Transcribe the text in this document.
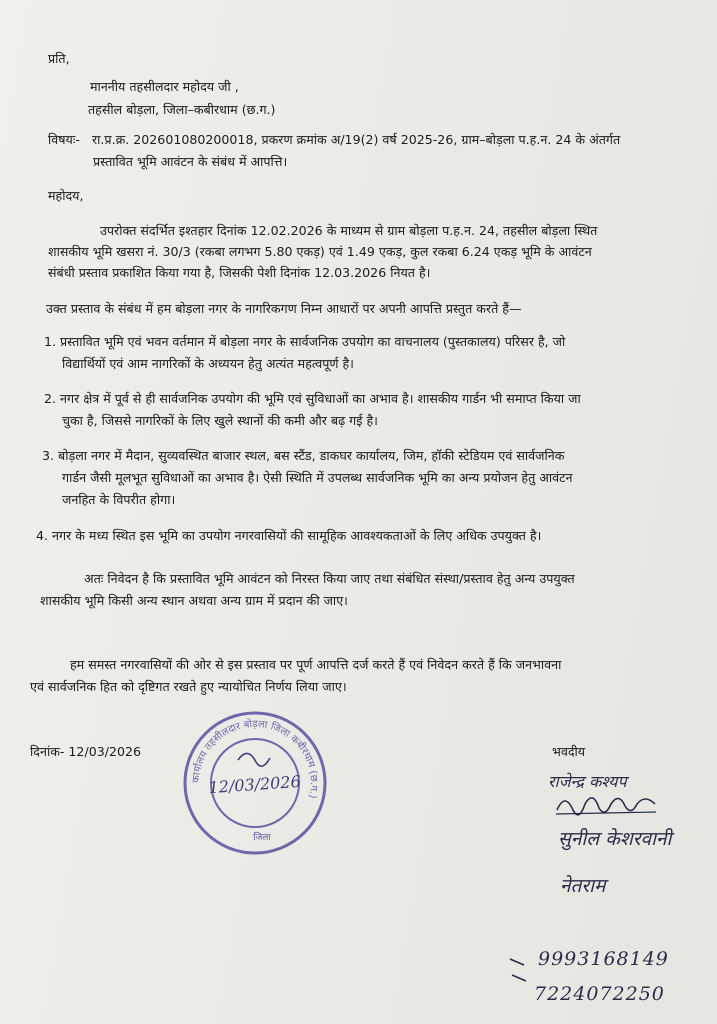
प्रति,
माननीय तहसीलदार महोदय जी ,
तहसील बोड़ला, जिला–कबीरधाम (छ.ग.)
विषयः- रा.प्र.क्र. 202601080200018, प्रकरण क्रमांक अ/19(2) वर्ष 2025-26, ग्राम–बोड़ला प.ह.न. 24 के अंतर्गत
प्रस्तावित भूमि आवंटन के संबंध में आपत्ति।
महोदय,
उपरोक्त संदर्भित इश्तहार दिनांक 12.02.2026 के माध्यम से ग्राम बोड़ला प.ह.न. 24, तहसील बोड़ला स्थित
शासकीय भूमि खसरा नं. 30/3 (रकबा लगभग 5.80 एकड़) एवं 1.49 एकड़, कुल रकबा 6.24 एकड़ भूमि के आवंटन
संबंधी प्रस्ताव प्रकाशित किया गया है, जिसकी पेशी दिनांक 12.03.2026 नियत है।
उक्त प्रस्ताव के संबंध में हम बोड़ला नगर के नागरिकगण निम्न आधारों पर अपनी आपत्ति प्रस्तुत करते हैं—
1. प्रस्तावित भूमि एवं भवन वर्तमान में बोड़ला नगर के सार्वजनिक उपयोग का वाचनालय (पुस्तकालय) परिसर है, जो
विद्यार्थियों एवं आम नागरिकों के अध्ययन हेतु अत्यंत महत्वपूर्ण है।
2. नगर क्षेत्र में पूर्व से ही सार्वजनिक उपयोग की भूमि एवं सुविधाओं का अभाव है। शासकीय गार्डन भी समाप्त किया जा
चुका है, जिससे नागरिकों के लिए खुले स्थानों की कमी और बढ़ गई है।
3. बोड़ला नगर में मैदान, सुव्यवस्थित बाजार स्थल, बस स्टैंड, डाकघर कार्यालय, जिम, हॉकी स्टेडियम एवं सार्वजनिक
गार्डन जैसी मूलभूत सुविधाओं का अभाव है। ऐसी स्थिति में उपलब्ध सार्वजनिक भूमि का अन्य प्रयोजन हेतु आवंटन
जनहित के विपरीत होगा।
4. नगर के मध्य स्थित इस भूमि का उपयोग नगरवासियों की सामूहिक आवश्यकताओं के लिए अधिक उपयुक्त है।
अतः निवेदन है कि प्रस्तावित भूमि आवंटन को निरस्त किया जाए तथा संबंधित संस्था/प्रस्ताव हेतु अन्य उपयुक्त
शासकीय भूमि किसी अन्य स्थान अथवा अन्य ग्राम में प्रदान की जाए।
हम समस्त नगरवासियों की ओर से इस प्रस्ताव पर पूर्ण आपत्ति दर्ज करते हैं एवं निवेदन करते हैं कि जनभावना
एवं सार्वजनिक हित को दृष्टिगत रखते हुए न्यायोचित निर्णय लिया जाए।
दिनांक- 12/03/2026	भवदीय
कार्यालय तहसीलदार बोड़ला जिला कबीरधाम (छ.ग.)
12/03/2026
जिला
राजेन्द्र कश्यप
सुनील केशरवानी
नेतराम
9993168149
7224072250
